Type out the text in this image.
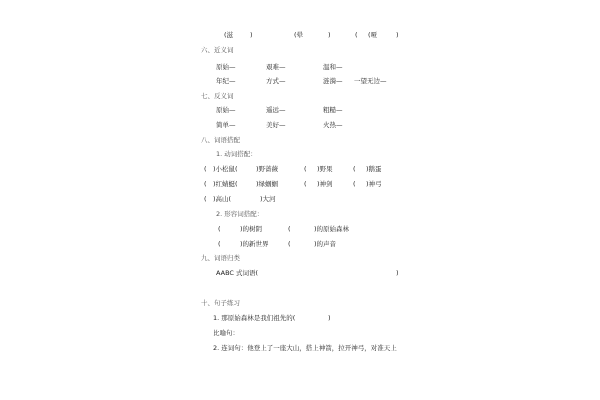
(滋	)	(晕	)	( (哑	)
六、近义词
原始—	艰难—	温和—
年纪—	方式—	涟漪— 一望无边—
七、反义词
原始—	遥远—	粗糙—
简单—	美好—	火热—
八、词语搭配
1. 动词搭配：
( )小松鼠(	)野蔷薇	( )野果	( )鹅蛋
( )红蜻蜓(	)绿蝈蝈	( )神剑	( )神弓
( )高山(	)大河
2. 形容词搭配：
(	)的树阴	(	)的原始森林
(	)的新世界	(	)的声音
九、词语归类
AABC 式词语(	)
十、句子练习
1. 那原始森林是我们祖先的(	)
比喻句：
2. 连词句：他登上了一座大山，搭上神箭，拉开神弓，对准天上
